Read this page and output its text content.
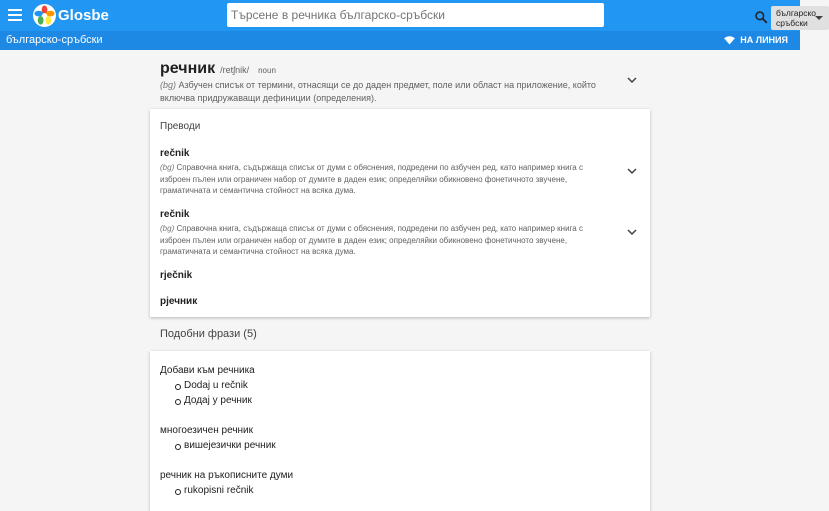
Glosbe
Търсене в речника българско-сръбски	българско сръбски
българско-сръбски	НА ЛИНИЯ
речник /retʃnik/ noun
(bg) Азбучен списък от термини, отнасящи се до даден предмет, поле или област на приложение, който включва придружаващи дефиниции (определения).
Преводи
rečnik
(bg) Справочна книга, съдържаща списък от думи с обяснения, подредени по азбучен ред, като например книга с изброен пълен или ограничен набор от думите в даден език; определяйки обикновено фонетичното звучене, граматичната и семантична стойност на всяка дума.
rečnik
(bg) Справочна книга, съдържаща списък от думи с обяснения, подредени по азбучен ред, като например книга с изброен пълен или ограничен набор от думите в даден език; определяйки обикновено фонетичното звучене, граматичната и семантична стойност на всяка дума.
rječnik
рјечник
Подобни фрази (5)
Добави към речника
Dodaj u rečnik
Додај у речник
многоезичен речник
вишејезички речник
речник на ръкописните думи
rukopisni rečnik
